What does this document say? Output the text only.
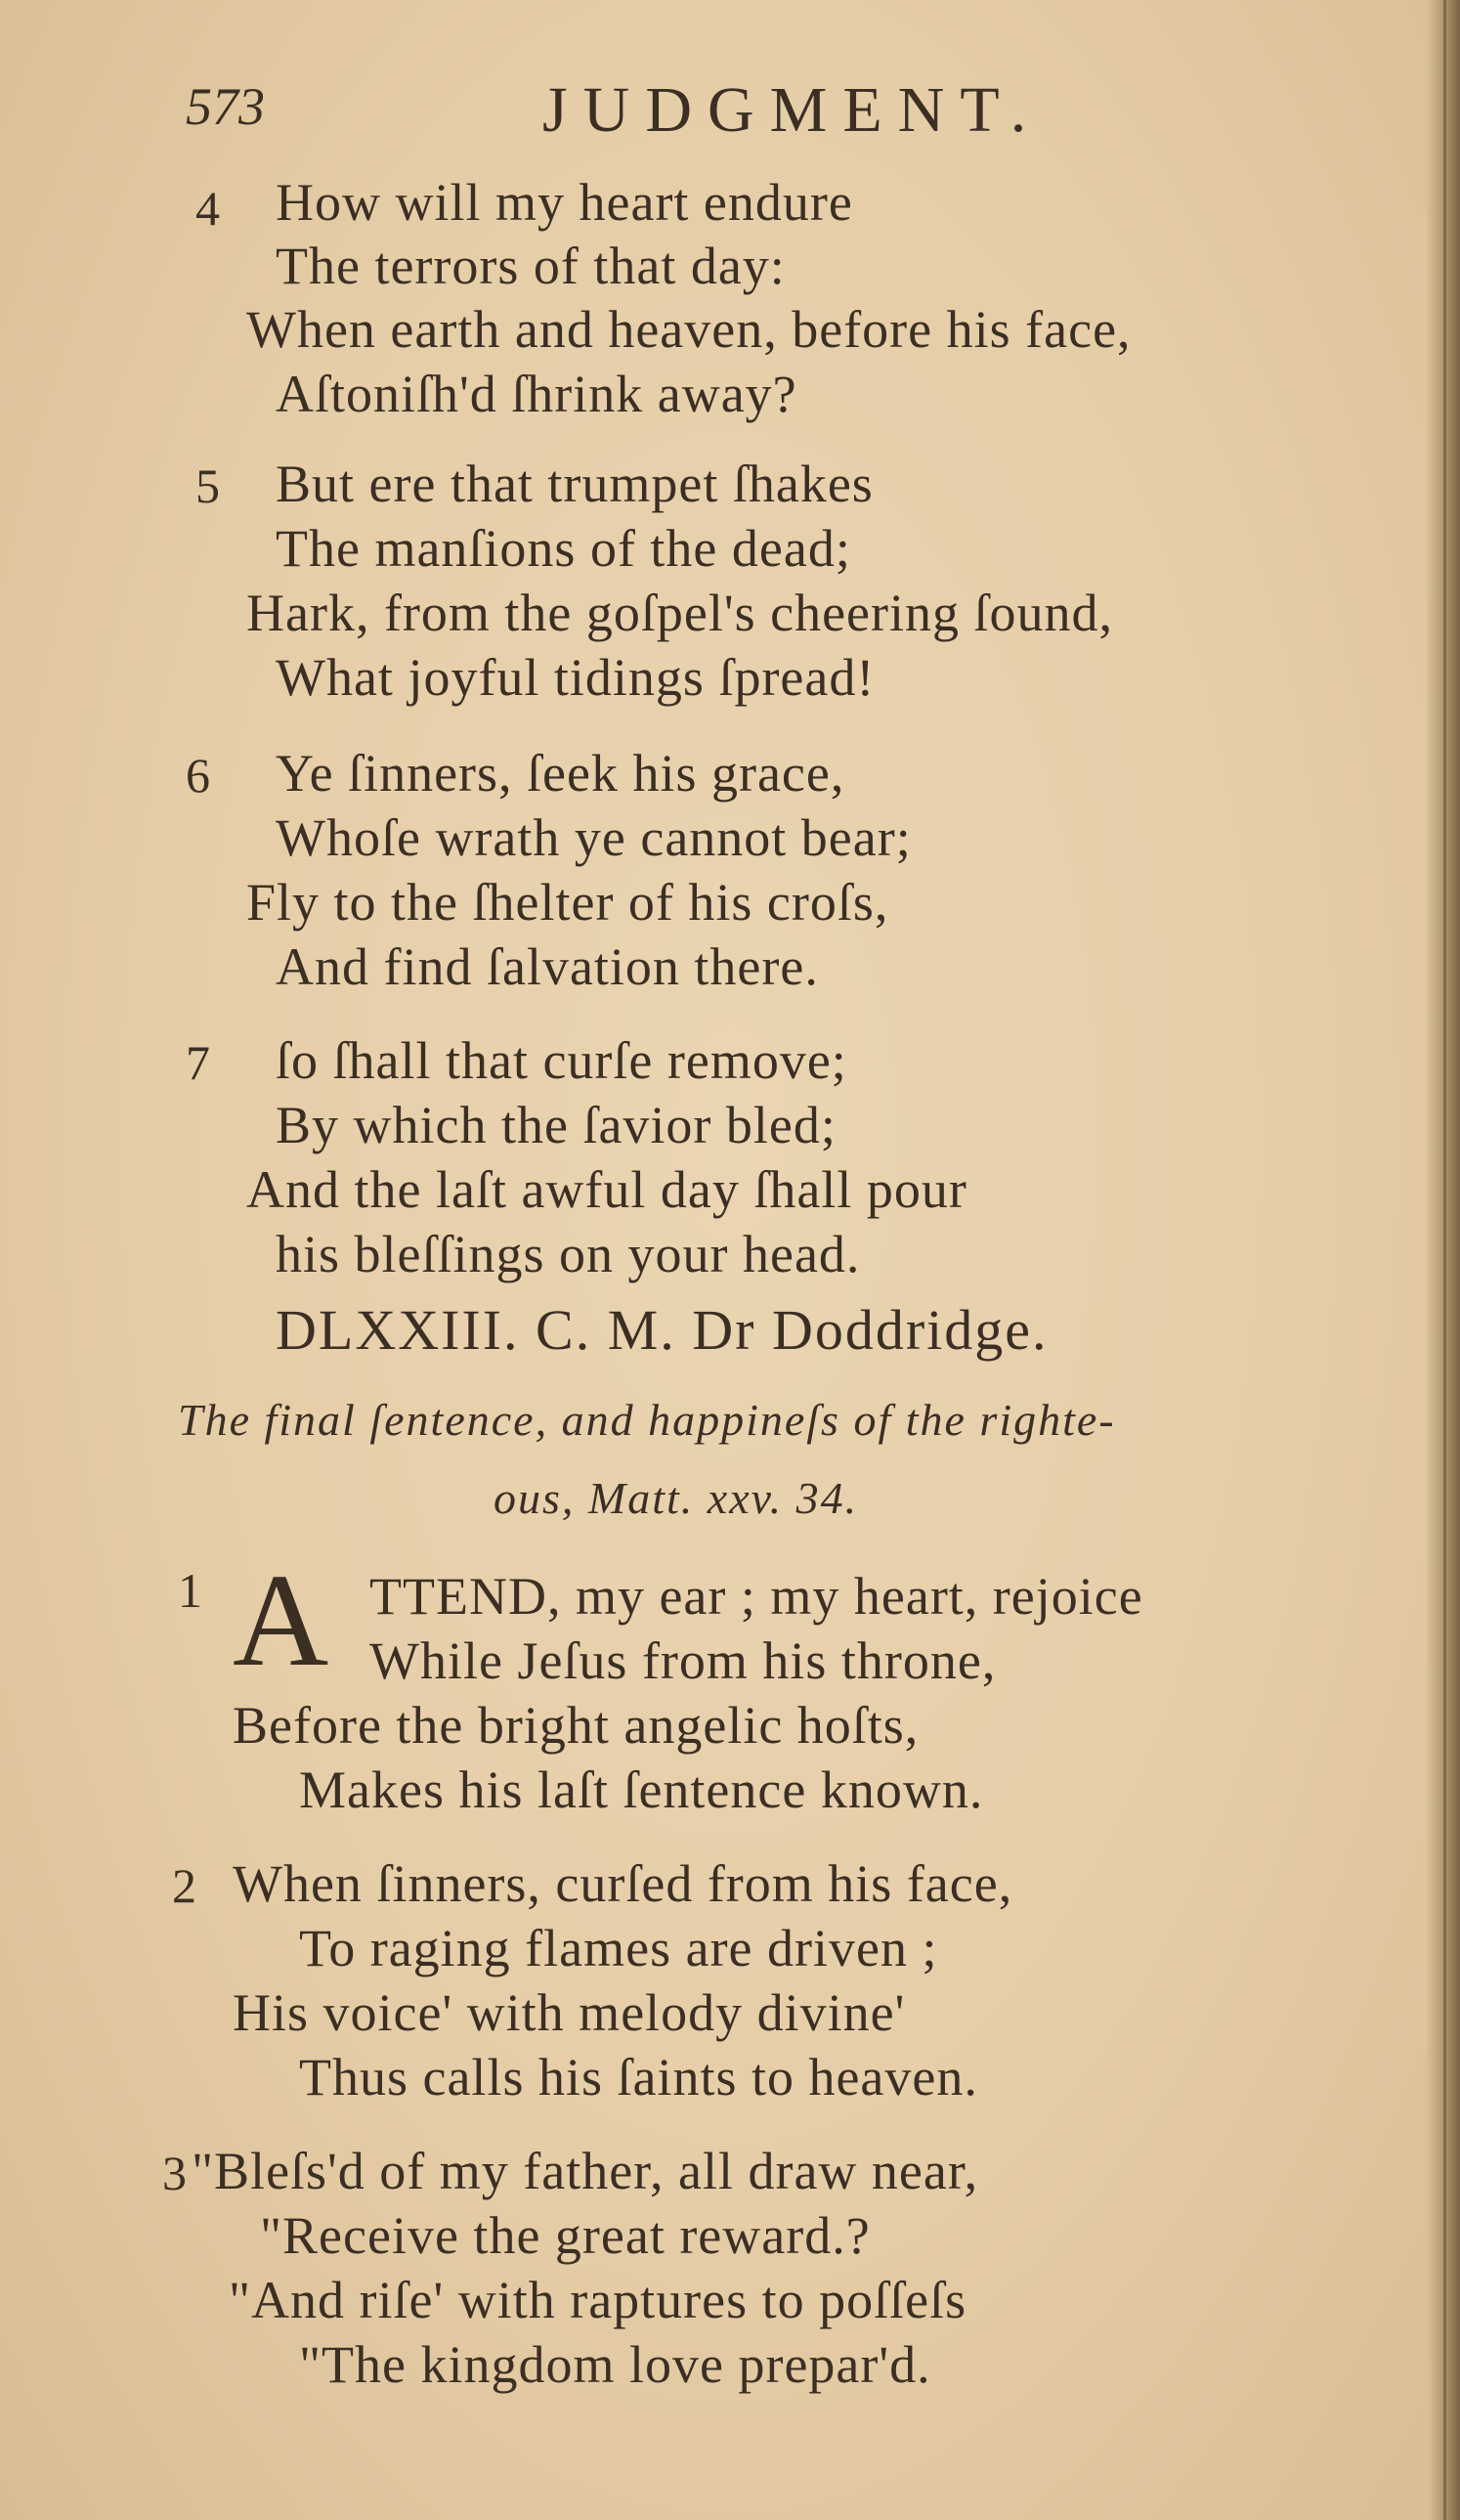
573	JUDGMENT.
4 How will my heart endure
The terrors of that day:
When earth and heaven, before his face,
Aſtoniſh'd ſhrink away?
5 But ere that trumpet ſhakes
The manſions of the dead;
Hark, from the goſpel's cheering ſound,
What joyful tidings ſpread!
6 Ye ſinners, ſeek his grace,
Whoſe wrath ye cannot bear;
Fly to the ſhelter of his croſs,
And find ſalvation there.
7 ſo ſhall that curſe remove;
By which the ſavior bled;
And the laſt awful day ſhall pour
his bleſſings on your head.
DLXXIII. C. M. Dr Doddridge.
The final ſentence, and happineſs of the righte-
ous, Matt. xxv. 34.
1 A TTEND, my ear ; my heart, rejoice
While Jeſus from his throne,
Before the bright angelic hoſts,
Makes his laſt ſentence known.
2 When ſinners, curſed from his face,
To raging flames are driven ;
His voice' with melody divine'
Thus calls his ſaints to heaven.
3 "Bleſs'd of my father, all draw near,
"Receive the great reward.?
"And riſe' with raptures to poſſeſs
"The kingdom love prepar'd.
